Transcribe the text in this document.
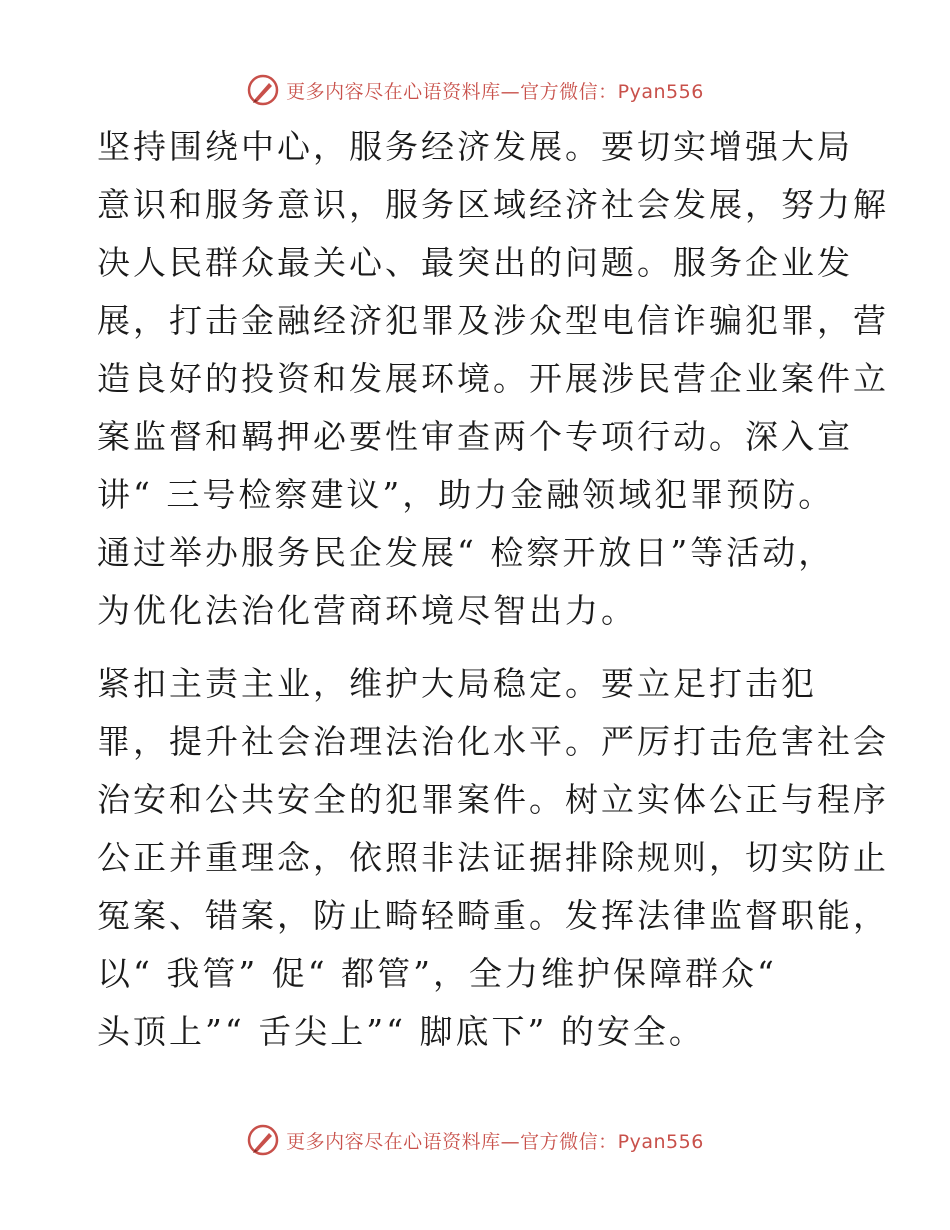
更多内容尽在心语资料库—官方微信：Pyan556

坚持围绕中心，服务经济发展。要切实增强大局
意识和服务意识，服务区域经济社会发展，努力解
决人民群众最关心、最突出的问题。服务企业发
展，打击金融经济犯罪及涉众型电信诈骗犯罪，营
造良好的投资和发展环境。开展涉民营企业案件立
案监督和羁押必要性审查两个专项行动。深入宣
讲“ 三号检察建议”，助力金融领域犯罪预防。
通过举办服务民企发展“ 检察开放日”等活动，
为优化法治化营商环境尽智出力。

紧扣主责主业，维护大局稳定。要立足打击犯
罪，提升社会治理法治化水平。严厉打击危害社会
治安和公共安全的犯罪案件。树立实体公正与程序
公正并重理念，依照非法证据排除规则，切实防止
冤案、错案，防止畸轻畸重。发挥法律监督职能，
以“ 我管” 促“ 都管”，全力维护保障群众“
头顶上”“ 舌尖上”“ 脚底下” 的安全。

更多内容尽在心语资料库—官方微信：Pyan556
